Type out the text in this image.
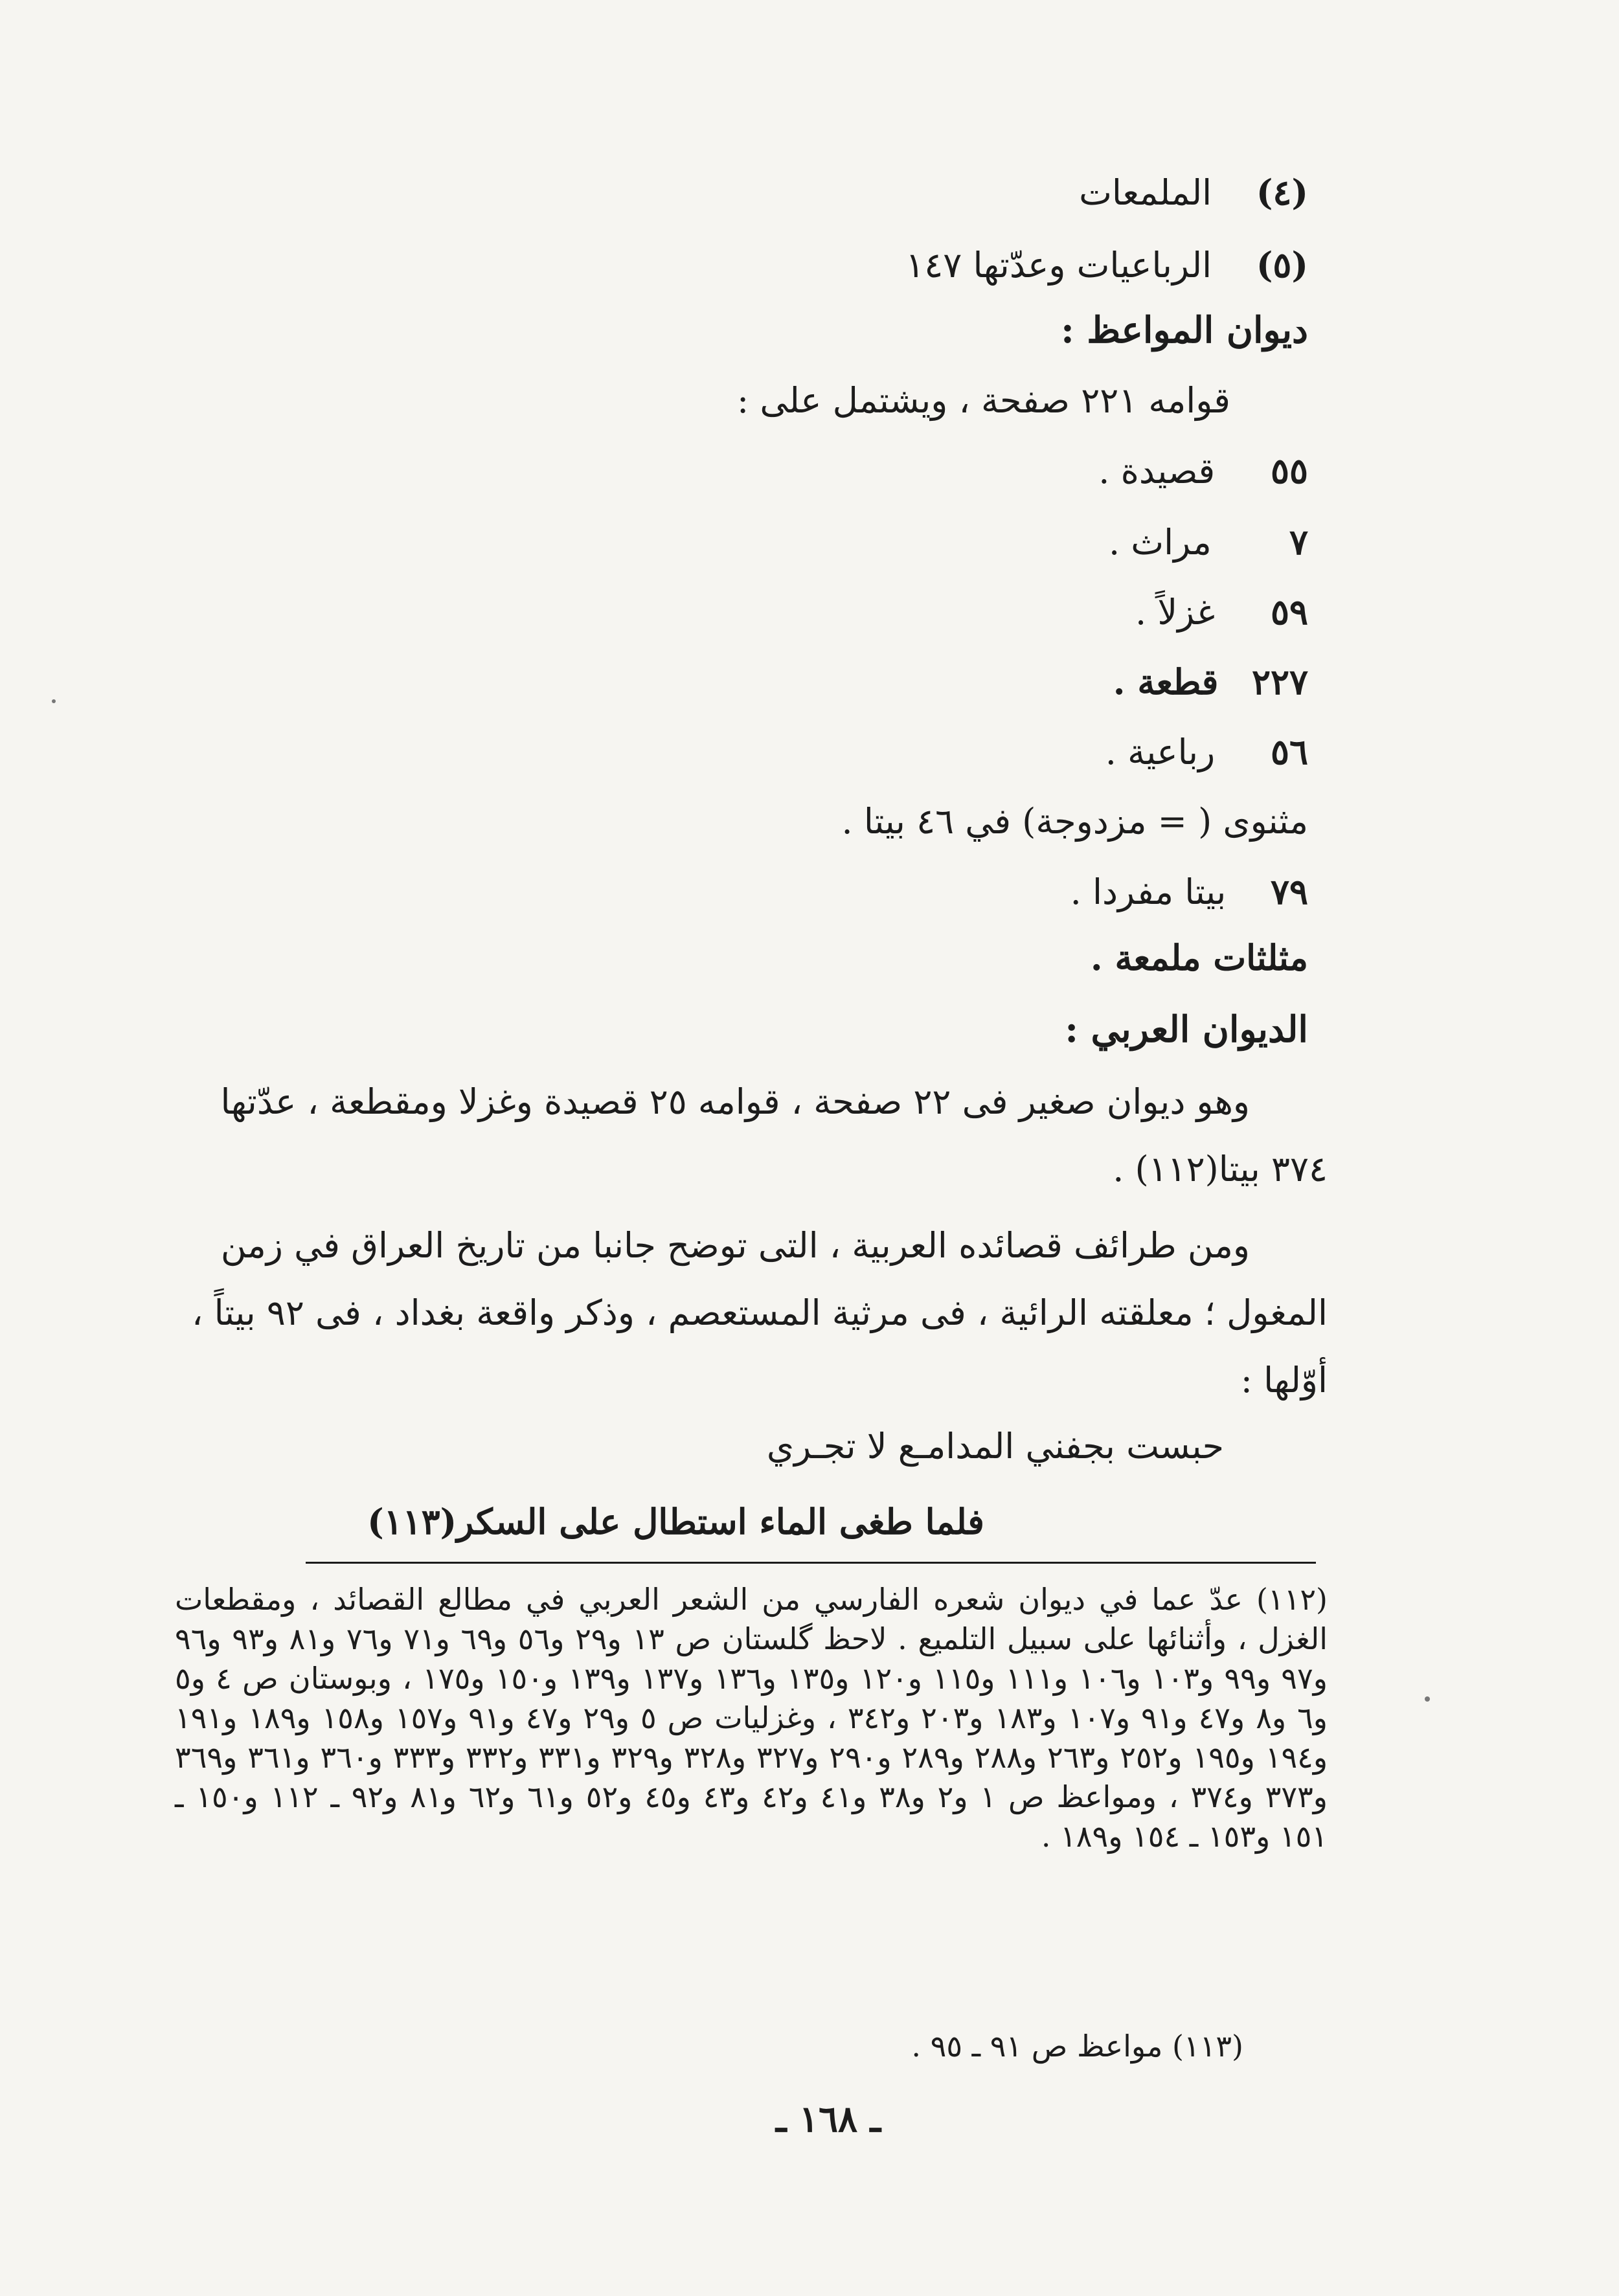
(٤)    الملمعات
(٥)    الرباعيات وعدّتها ١٤٧
ديوان المواعظ :
قوامه ٢٢١ صفحة ، ويشتمل على :
٥٥     قصيدة .
٧       مراث .
٥٩     غزلاً .
٢٢٧   قطعة .
٥٦     رباعية .
مثنوى ( = مزدوجة) في ٤٦ بيتا .
٧٩    بيتا مفردا .
مثلثات ملمعة .
الديوان العربي :

وهو ديوان صغير فى ٢٢ صفحة ، قوامه ٢٥ قصيدة وغزلا ومقطعة ، عدّتها ٣٧٤ بيتا(١١٢) .

ومن طرائف قصائده العربية ، التى توضح جانبا من تاريخ العراق في زمن المغول ؛ معلقته الرائية ، فى مرثية المستعصم ، وذكر واقعة بغداد ، فى ٩٢ بيتاً ، أوّلها :

حبست بجفني المدامـع لا تجـري
فلما طغى الماء استطال على السكر(١١٣)

(١١٢) عدّ عما في ديوان شعره الفارسي من الشعر العربي في مطالع القصائد ، ومقطعات الغزل ، وأثنائها على سبيل التلميع . لاحظ گلستان ص ١٣ و٢٩ و٥٦ و٦٩ و٧١ و٧٦ و٨١ و٩٣ و٩٦ و٩٧ و٩٩ و١٠٣ و١٠٦ و١١١ و١١٥ و١٢٠ و١٣٥ و١٣٦ و١٣٧ و١٣٩ و١٥٠ و١٧٥ ، وبوستان ص ٤ و٥ و٦ و٨ و٤٧ و٩١ و١٠٧ و١٨٣ و٢٠٣ و٣٤٢ ، وغزليات ص ٥ و٢٩ و٤٧ و٩١ و١٥٧ و١٥٨ و١٨٩ و١٩١ و١٩٤ و١٩٥ و٢٥٢ و٢٦٣ و٢٨٨ و٢٨٩ و٢٩٠ و٣٢٧ و٣٢٨ و٣٢٩ و٣٣١ و٣٣٢ و٣٣٣ و٣٦٠ و٣٦١ و٣٦٩ و٣٧٣ و٣٧٤ ، ومواعظ ص ١ و٢ و٣٨ و٤١ و٤٢ و٤٣ و٤٥ و٥٢ و٦١ و٦٢ و٨١ و٩٢ ـ ١١٢ و١٥٠ ـ ١٥١ و١٥٣ ـ ١٥٤ و١٨٩ .

(١١٣) مواعظ ص ٩١ ـ ٩٥ .

ـ ١٦٨ ـ
